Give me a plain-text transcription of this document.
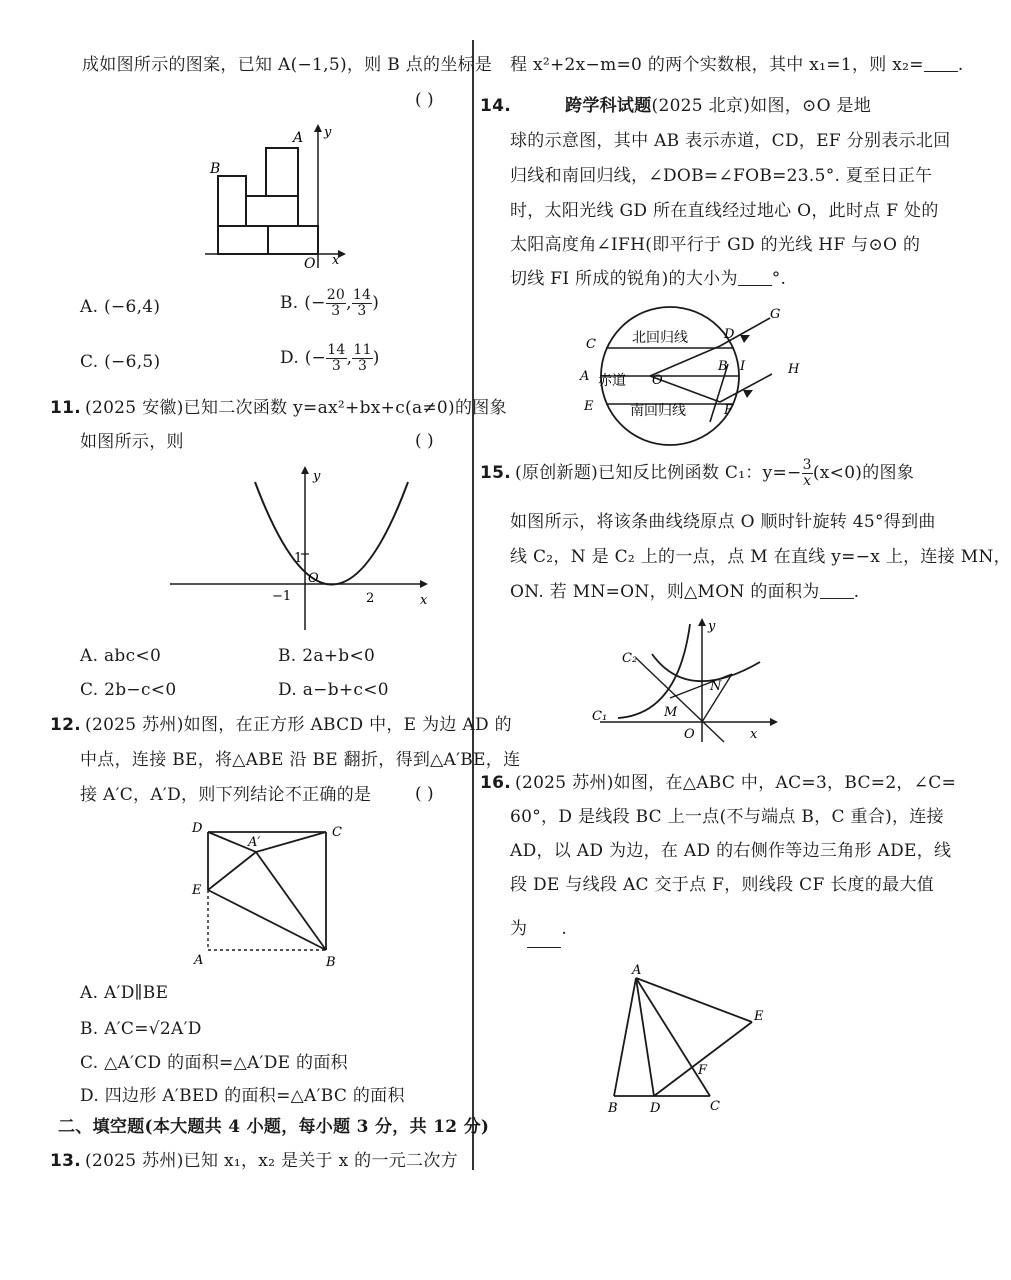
成如图所示的图案，已知 A(−1,5)，则 B 点的坐标是
( )
A
B
O
y
x
A. (−6,4)	B. (− $\frac{20}{3}$ , $\frac{14}{3}$ )
C. (−6,5)	D. (− $\frac{14}{3}$ , $\frac{11}{3}$ )
11. (2025 安徽)已知二次函数 y=ax²+bx+c(a≠0)的图象
如图所示，则	( )
y
x
1
O
−1	2
A. abc<0	B. 2a+b<0
C. 2b−c<0	D. a−b+c<0
12. (2025 苏州)如图，在正方形 ABCD 中，E 为边 AD 的
中点，连接 BE，将△ABE 沿 BE 翻折，得到△A′BE，连
接 A′C，A′D，则下列结论不正确的是	( )
D	C
A′
E
A	B
A. A′D∥BE
B. A′C=√2A′D
C. △A′CD 的面积=△A′DE 的面积
D. 四边形 A′BED 的面积=△A′BC 的面积
二、填空题(本大题共 4 小题，每小题 3 分，共 12 分)
13. (2025 苏州)已知 x₁，x₂ 是关于 x 的一元二次方
程 x²+2x−m=0 的两个实数根，其中 x₁=1，则 x₂= .
14.	跨学科试题(2025 北京)如图，⊙O 是地
球的示意图，其中 AB 表示赤道，CD，EF 分别表示北回
归线和南回归线，∠DOB=∠FOB=23.5°. 夏至日正午
时，太阳光线 GD 所在直线经过地心 O，此时点 F 处的
太阳高度角∠IFH(即平行于 GD 的光线 HF 与⊙O 的
切线 FI 所成的锐角)的大小为 °.
北回归线
赤道
南回归线
C
D
G
A	O
B I	H
E	F
15. (原创新题)已知反比例函数 C₁：$y=- \frac{3}{x} (x<0)$的图象
如图所示，将该条曲线绕原点 O 顺时针旋转 45°得到曲
线 C₂，N 是 C₂ 上的一点，点 M 在直线 y=−x 上，连接 MN，
ON. 若 MN=ON，则△MON 的面积为 .
y
C₂
N
M
C₁
O	x
16. (2025 苏州)如图，在△ABC 中，AC=3，BC=2，∠C=
60°，D 是线段 BC 上一点(不与端点 B，C 重合)，连接
AD，以 AD 为边，在 AD 的右侧作等边三角形 ADE，线
段 DE 与线段 AC 交于点 F，则线段 CF 长度的最大值
为 .
A
E
F
B D	C
